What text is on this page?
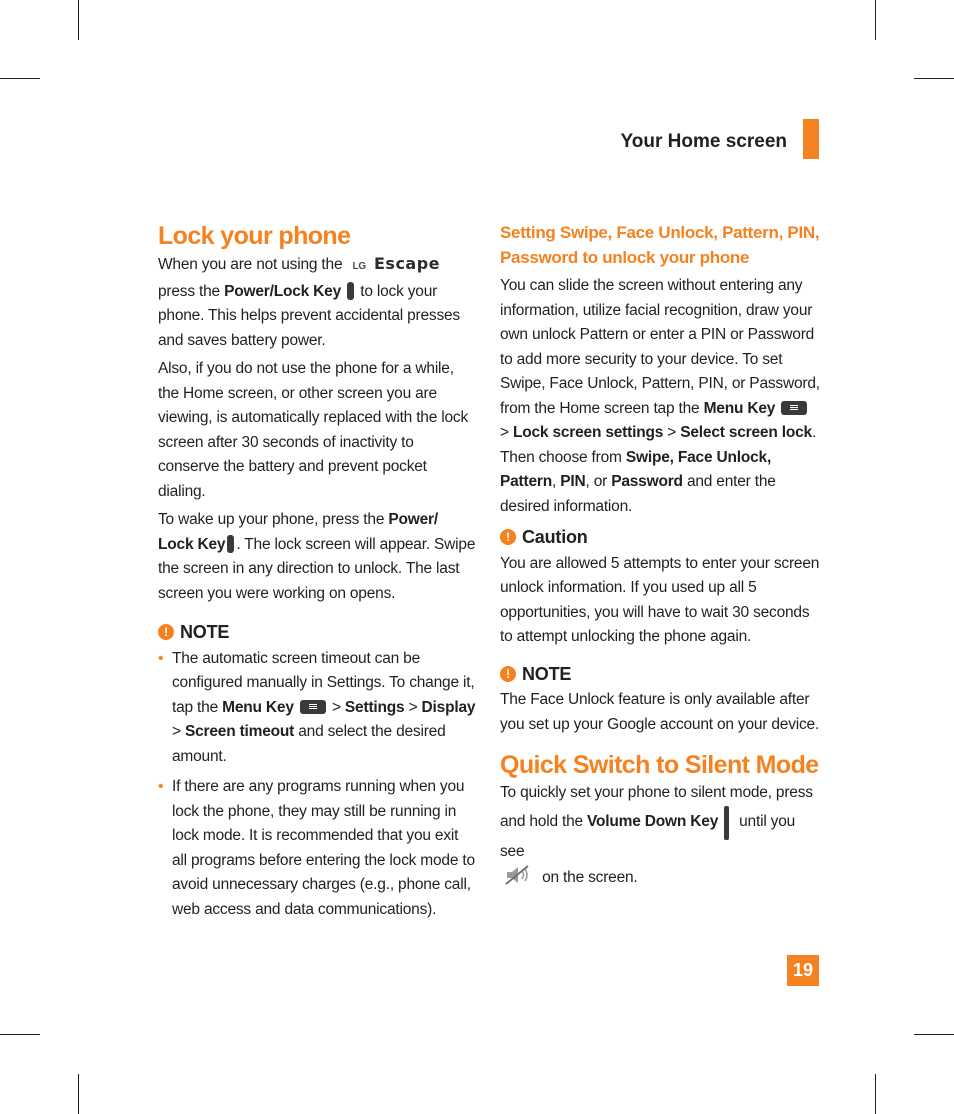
Your Home screen
Lock your phone

When you are not using the LG Escape

press the Power/Lock Key to lock your phone. This helps prevent accidental presses and saves battery power.

Also, if you do not use the phone for a while, the Home screen, or other screen you are viewing, is automatically replaced with the lock screen after 30 seconds of inactivity to conserve the battery and prevent pocket dialing.

To wake up your phone, press the Power/ Lock Key . The lock screen will appear. Swipe the screen in any direction to unlock. The last screen you were working on opens.

! NOTE
• The automatic screen timeout can be configured manually in Settings. To change it, tap the Menu Key > Settings > Display > Screen timeout and select the desired amount.
• If there are any programs running when you lock the phone, they may still be running in lock mode. It is recommended that you exit all programs before entering the lock mode to avoid unnecessary charges (e.g., phone call, web access and data communications).
Setting Swipe, Face Unlock, Pattern, PIN, Password to unlock your phone

You can slide the screen without entering any information, utilize facial recognition, draw your own unlock Pattern or enter a PIN or Password to add more security to your device. To set Swipe, Face Unlock, Pattern, PIN, or Password, from the Home screen tap the Menu Key  > Lock screen settings > Select screen lock. Then choose from Swipe, Face Unlock, Pattern, PIN, or Password and enter the desired information.

! Caution

You are allowed 5 attempts to enter your screen unlock information. If you used up all 5 opportunities, you will have to wait 30 seconds to attempt unlocking the phone again.

! NOTE

The Face Unlock feature is only available after you set up your Google account on your device.

Quick Switch to Silent Mode

To quickly set your phone to silent mode, press and hold the Volume Down Key until you see

on the screen.
19
